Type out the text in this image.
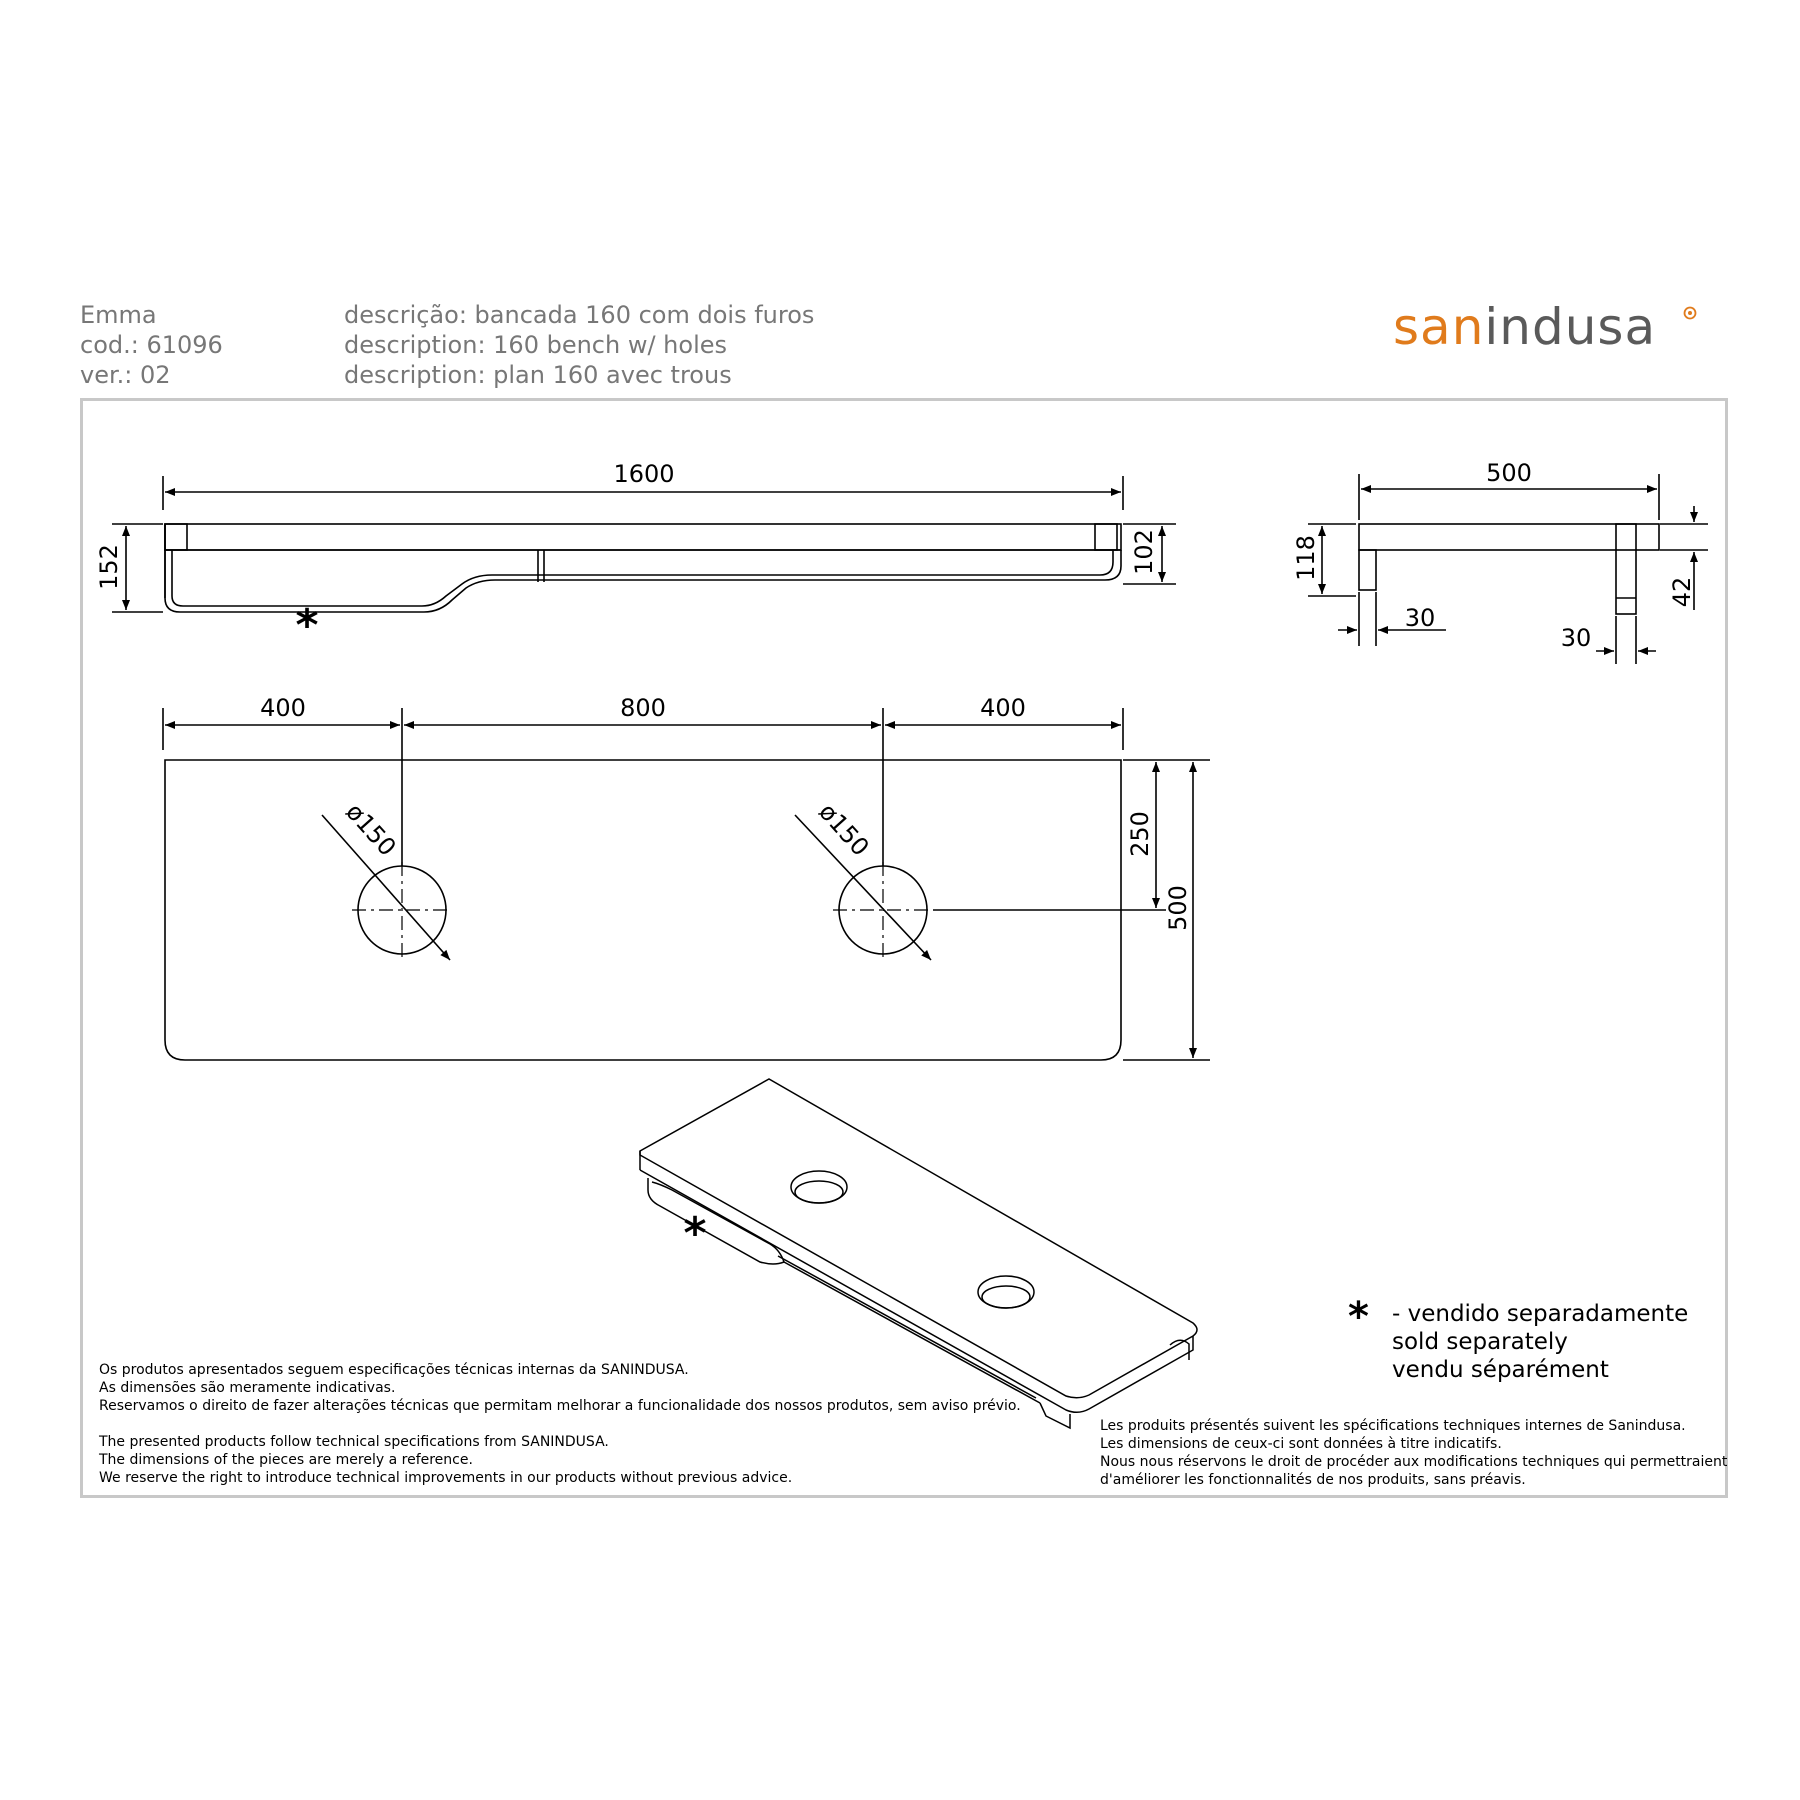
Emma
cod.: 61096
ver.: 02
descrição: bancada 160 com dois furos
description: 160 bench w/ holes
description: plan 160 avec trous
sanindusa
1600
152	102
500
118
42
30
30
400	800	400
ø150	ø150	250
500
*
*
* - vendido separadamente
sold separately
vendu séparément
Os produtos apresentados seguem especificações técnicas internas da SANINDUSA.
As dimensões são meramente indicativas.
Reservamos o direito de fazer alterações técnicas que permitam melhorar a funcionalidade dos nossos produtos, sem aviso prévio.
The presented products follow technical specifications from SANINDUSA.
The dimensions of the pieces are merely a reference.
We reserve the right to introduce technical improvements in our products without previous advice.
Les produits présentés suivent les spécifications techniques internes de Sanindusa.
Les dimensions de ceux-ci sont données à titre indicatifs.
Nous nous réservons le droit de procéder aux modifications techniques qui permettraient
d'améliorer les fonctionnalités de nos produits, sans préavis.
